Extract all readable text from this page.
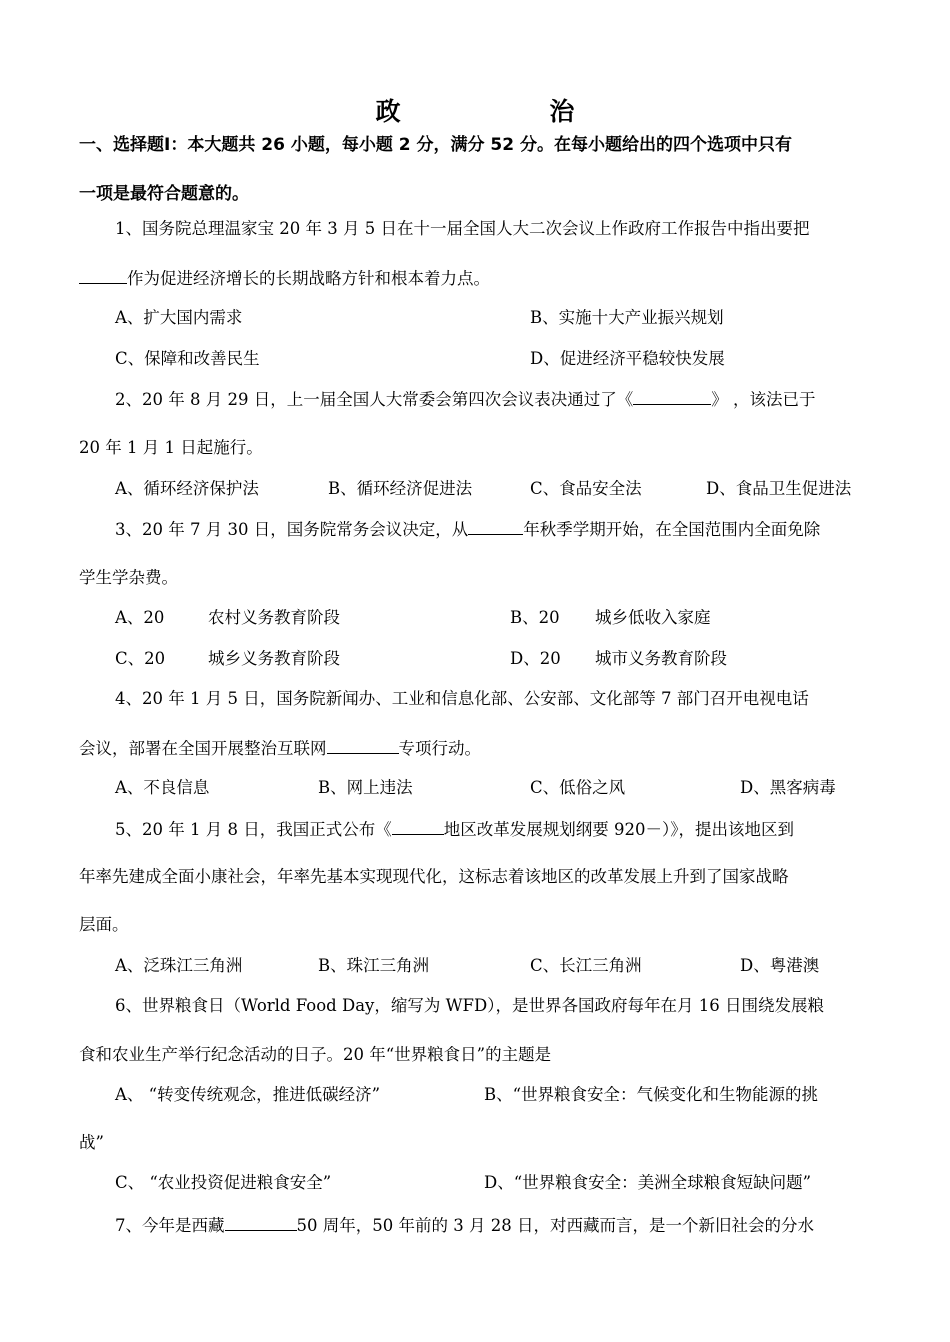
政 治
一、选择题Ⅰ：本大题共 26 小题，每小题 2 分，满分 52 分。在每小题给出的四个选项中只有
一项是最符合题意的。
1、国务院总理温家宝 20 年 3 月 5 日在十一届全国人大二次会议上作政府工作报告中指出要把
作为促进经济增长的长期战略方针和根本着力点。
A、扩大国内需求	B、实施十大产业振兴规划
C、保障和改善民生	D、促进经济平稳较快发展
2、20 年 8 月 29 日，上一届全国人大常委会第四次会议表决通过了《	》 ，该法已于
20 年 1 月 1 日起施行。
A、循环经济保护法	B、循环经济促进法	C、食品安全法	D、食品卫生促进法
3、20 年 7 月 30 日，国务院常务会议决定，从	年秋季学期开始，在全国范围内全面免除
学生学杂费。
A、20	农村义务教育阶段	B、20 城乡低收入家庭
C、20	城乡义务教育阶段	D、20 城市义务教育阶段
4、20 年 1 月 5 日，国务院新闻办、工业和信息化部、公安部、文化部等 7 部门召开电视电话
会议，部署在全国开展整治互联网	专项行动。
A、不良信息	B、网上违法	C、低俗之风	D、黑客病毒
5、20 年 1 月 8 日，我国正式公布《	地区改革发展规划纲要 920－）》，提出该地区到
年率先建成全面小康社会，年率先基本实现现代化，这标志着该地区的改革发展上升到了国家战略
层面。
A、泛珠江三角洲	B、珠江三角洲	C、长江三角洲	D、粤港澳
6、世界粮食日（World Food Day，缩写为 WFD），是世界各国政府每年在月 16 日围绕发展粮
食和农业生产举行纪念活动的日子。20 年“世界粮食日”的主题是
A、 “转变传统观念，推进低碳经济”	B、“世界粮食安全：气候变化和生物能源的挑
战”
C、 “农业投资促进粮食安全”	D、“世界粮食安全：美洲全球粮食短缺问题”
7、今年是西藏	50 周年，50 年前的 3 月 28 日，对西藏而言，是一个新旧社会的分水
